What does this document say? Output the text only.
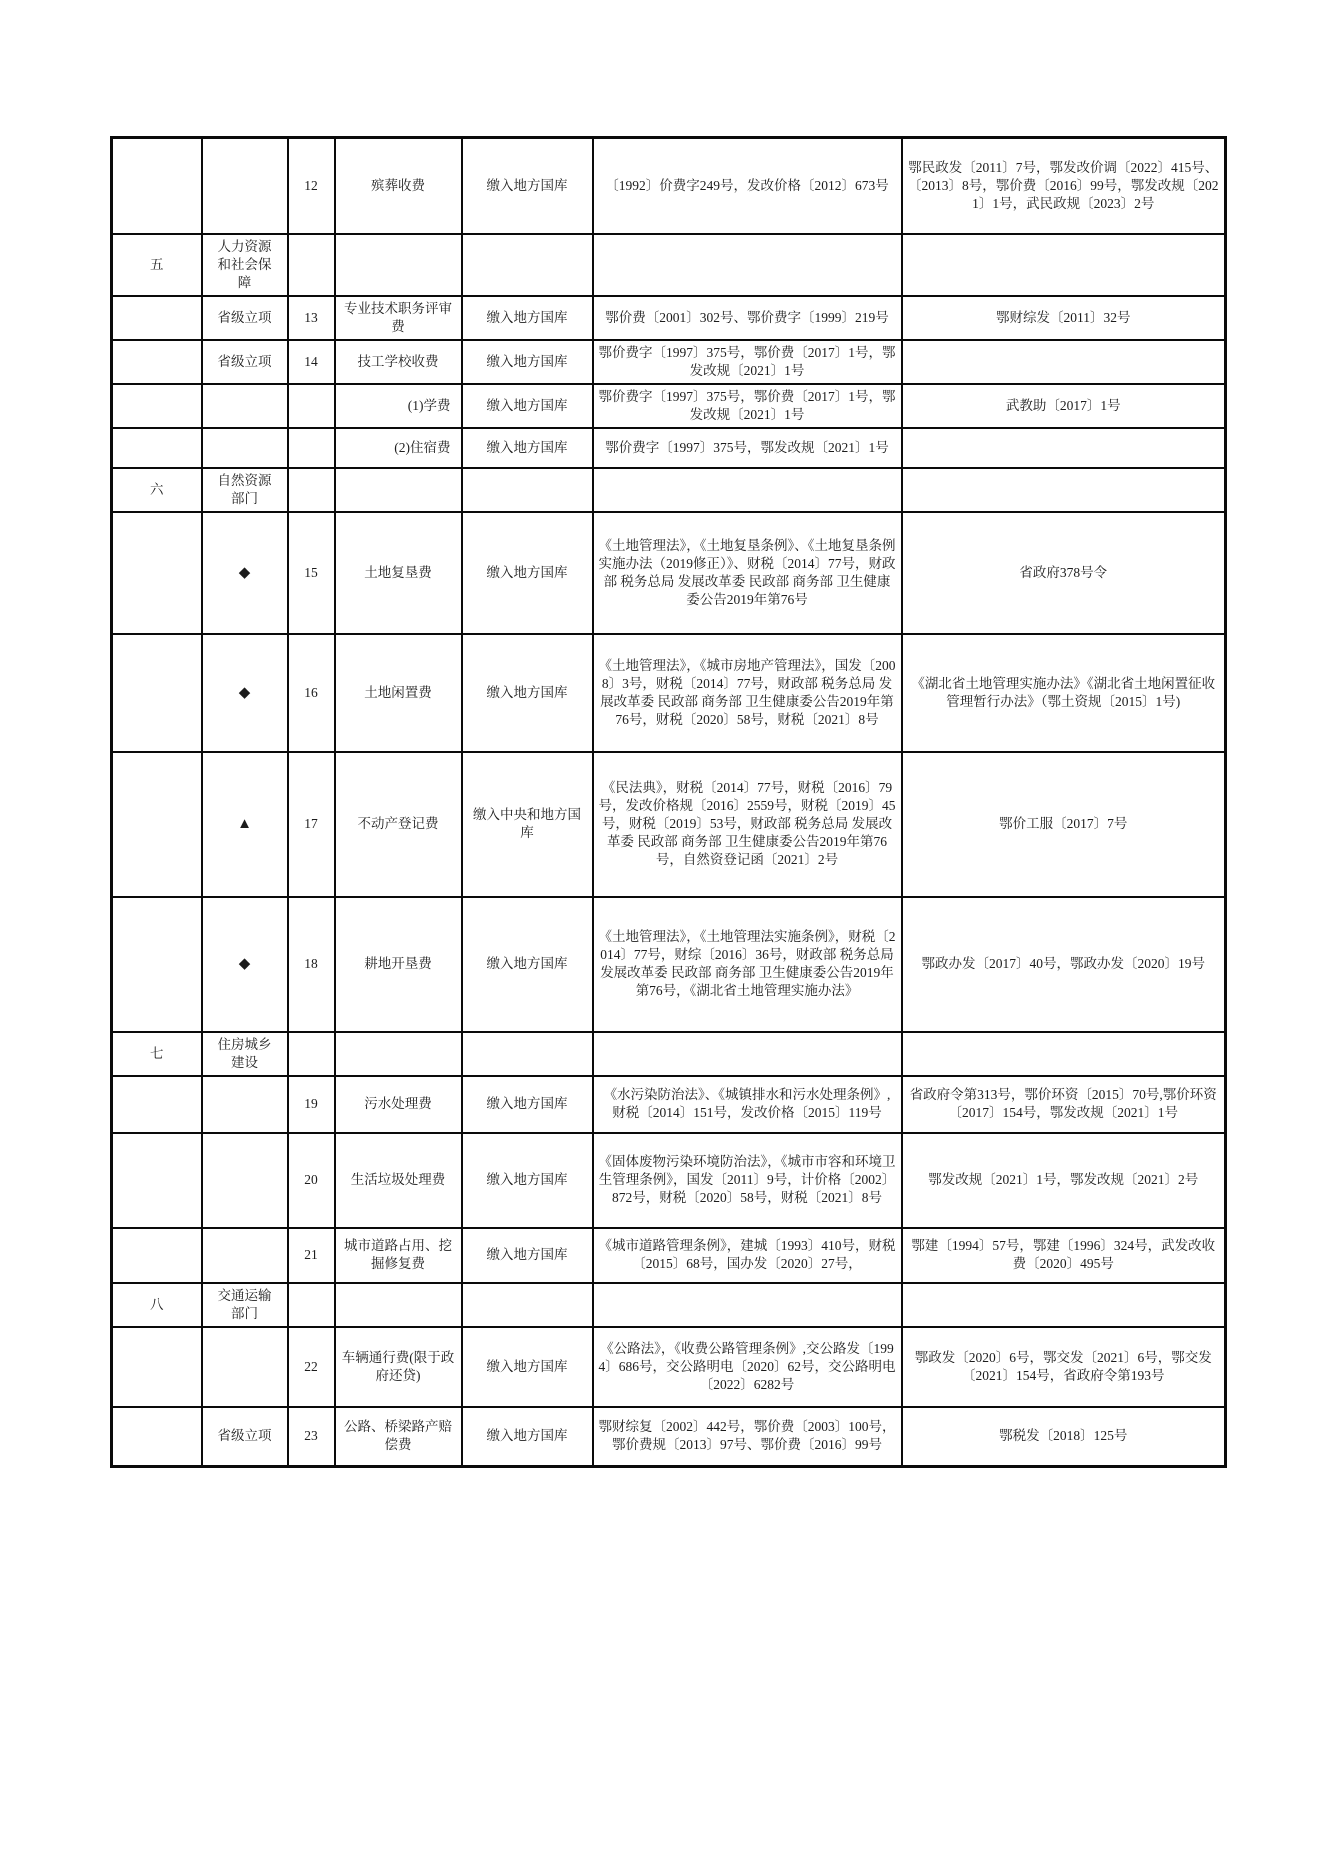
		12	殡葬收费	缴入地方国库	〔1992〕价费字249号，发改价格〔2012〕673号	鄂民政发〔2011〕7号，鄂发改价调〔2022〕415号、〔2013〕8号，鄂价费〔2016〕99号，鄂发改规〔2021〕1号，武民政规〔2023〕2号
五	人力资源和社会保障					
	省级立项	13	专业技术职务评审费	缴入地方国库	鄂价费〔2001〕302号、鄂价费字〔1999〕219号	鄂财综发〔2011〕32号
	省级立项	14	技工学校收费	缴入地方国库	鄂价费字〔1997〕375号，鄂价费〔2017〕1号，鄂发改规〔2021〕1号	
			(1)学费	缴入地方国库	鄂价费字〔1997〕375号，鄂价费〔2017〕1号，鄂发改规〔2021〕1号	武教助〔2017〕1号
			(2)住宿费	缴入地方国库	鄂价费字〔1997〕375号，鄂发改规〔2021〕1号	
六	自然资源部门					
	◆	15	土地复垦费	缴入地方国库	《土地管理法》，《土地复垦条例》、《土地复垦条例实施办法（2019修正）》、财税〔2014〕77号，财政部 税务总局 发展改革委 民政部 商务部 卫生健康委公告2019年第76号	省政府378号令
	◆	16	土地闲置费	缴入地方国库	《土地管理法》，《城市房地产管理法》，国发〔2008〕3号，财税〔2014〕77号，财政部 税务总局 发展改革委 民政部 商务部 卫生健康委公告2019年第76号，财税〔2020〕58号，财税〔2021〕8号	《湖北省土地管理实施办法》《湖北省土地闲置征收管理暂行办法》（鄂土资规〔2015〕1号)
	▲	17	不动产登记费	缴入中央和地方国库	《民法典》，财税〔2014〕77号，财税〔2016〕79号，发改价格规〔2016〕2559号，财税〔2019〕45号，财税〔2019〕53号，财政部 税务总局 发展改革委 民政部 商务部 卫生健康委公告2019年第76号，自然资登记函〔2021〕2号	鄂价工服〔2017〕7号
	◆	18	耕地开垦费	缴入地方国库	《土地管理法》，《土地管理法实施条例》，财税〔2014〕77号，财综〔2016〕36号，财政部 税务总局 发展改革委 民政部 商务部 卫生健康委公告2019年第76号，《湖北省土地管理实施办法》	鄂政办发〔2017〕40号，鄂政办发〔2020〕19号
七	住房城乡建设					
		19	污水处理费	缴入地方国库	《水污染防治法》、《城镇排水和污水处理条例》,财税〔2014〕151号，发改价格〔2015〕119号	省政府令第313号，鄂价环资〔2015〕70号,鄂价环资〔2017〕154号，鄂发改规〔2021〕1号
		20	生活垃圾处理费	缴入地方国库	《固体废物污染环境防治法》，《城市市容和环境卫生管理条例》，国发〔2011〕9号，计价格〔2002〕872号，财税〔2020〕58号，财税〔2021〕8号	鄂发改规〔2021〕1号，鄂发改规〔2021〕2号
		21	城市道路占用、挖掘修复费	缴入地方国库	《城市道路管理条例》，建城〔1993〕410号，财税〔2015〕68号，国办发〔2020〕27号，	鄂建〔1994〕57号，鄂建〔1996〕324号，武发改收费〔2020〕495号
八	交通运输部门					
		22	车辆通行费(限于政府还贷)	缴入地方国库	《公路法》，《收费公路管理条例》,交公路发〔1994〕686号，交公路明电〔2020〕62号，交公路明电〔2022〕6282号	鄂政发〔2020〕6号，鄂交发〔2021〕6号，鄂交发〔2021〕154号，省政府令第193号
	省级立项	23	公路、桥梁路产赔偿费	缴入地方国库	鄂财综复〔2002〕442号，鄂价费〔2003〕100号，鄂价费规〔2013〕97号、鄂价费〔2016〕99号	鄂税发〔2018〕125号
